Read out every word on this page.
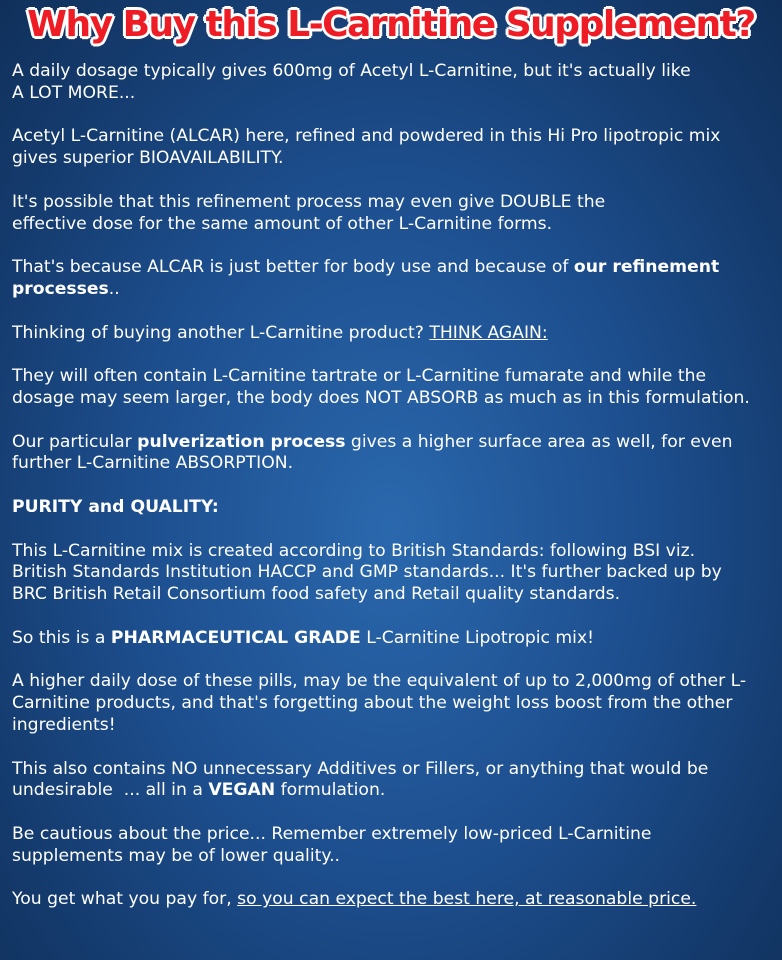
Why Buy this L-Carnitine Supplement?

A daily dosage typically gives 600mg of Acetyl L-Carnitine, but it's actually like
A LOT MORE...

Acetyl L-Carnitine (ALCAR) here, refined and powdered in this Hi Pro lipotropic mix
gives superior BIOAVAILABILITY.

It's possible that this refinement process may even give DOUBLE the
effective dose for the same amount of other L-Carnitine forms.

That's because ALCAR is just better for body use and because of our refinement processes..

Thinking of buying another L-Carnitine product? THINK AGAIN:

They will often contain L-Carnitine tartrate or L-Carnitine fumarate and while the dosage may seem larger, the body does NOT ABSORB as much as in this formulation.

Our particular pulverization process gives a higher surface area as well, for even further L-Carnitine ABSORPTION.

PURITY and QUALITY:

This L-Carnitine mix is created according to British Standards: following BSI viz.
British Standards Institution HACCP and GMP standards... It's further backed up by
BRC British Retail Consortium food safety and Retail quality standards.

So this is a PHARMACEUTICAL GRADE L-Carnitine Lipotropic mix!

A higher daily dose of these pills, may be the equivalent of up to 2,000mg of other L-Carnitine products, and that's forgetting about the weight loss boost from the other ingredients!

This also contains NO unnecessary Additives or Fillers, or anything that would be
undesirable  ... all in a VEGAN formulation.

Be cautious about the price... Remember extremely low-priced L-Carnitine
supplements may be of lower quality..

You get what you pay for, so you can expect the best here, at reasonable price.
